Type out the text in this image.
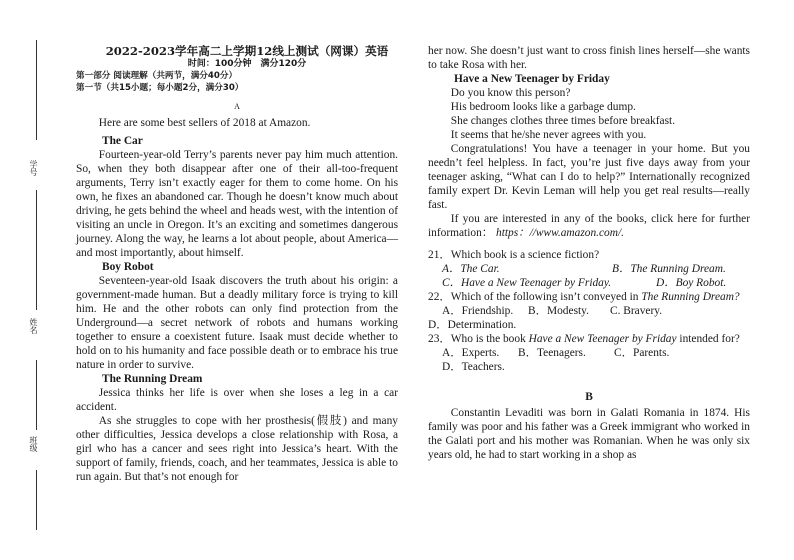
学号
姓名
班级
2022-2023学年高二上学期12线上测试（网课）英语
时间：100分钟　满分120分
第一部分 阅读理解（共两节，满分40分）
第一节（共15小题；每小题2分，满分30）
A

Here are some best sellers of 2018 at Amazon.

The Car

Fourteen-year-old Terry’s parents never pay him much attention. So, when they both disappear after one of their all-too-frequent arguments, Terry isn’t exactly eager for them to come home. On his own, he fixes an abandoned car. Though he doesn’t know much about driving, he gets behind the wheel and heads west, with the intention of visiting an uncle in Oregon. It’s an exciting and sometimes dangerous journey. Along the way, he learns a lot about people, about America—and most importantly, about himself.

Boy Robot

Seventeen-year-old Isaak discovers the truth about his origin: a government-made human. But a deadly military force is trying to kill him. He and the other robots can only find protection from the Underground—a secret network of robots and humans working together to ensure a coexistent future. Isaak must decide whether to hold on to his humanity and face possible death or to embrace his true nature in order to survive.

The Running Dream

Jessica thinks her life is over when she loses a leg in a car accident.

As she struggles to cope with her prosthesis(假肢) and many other difficulties, Jessica develops a close relationship with Rosa, a girl who has a cancer and sees right into Jessica’s heart. With the support of family, friends, coach, and her teammates, Jessica is able to run again. But that’s not enough for

her now. She doesn’t just want to cross finish lines herself—she wants to take Rosa with her.

Have a New Teenager by Friday

Do you know this person?

His bedroom looks like a garbage dump.

She changes clothes three times before breakfast.

It seems that he/she never agrees with you.

Congratulations! You have a teenager in your home. But you needn’t feel helpless. In fact, you’re just five days away from your teenager asking, “What can I do to help?” Internationally recognized family expert Dr. Kevin Leman will help you get real results—really fast.

If you are interested in any of the books, click here for further information： https：//www.amazon.com/.

21．Which book is a science fiction?

A．The Car.	B．The Running Dream.
C．Have a New Teenager by Friday.	D．Boy Robot.

22．Which of the following isn’t conveyed in The Running Dream?

A．Friendship. B．Modesty. C. Bravery.

D．Determination.

23．Who is the book Have a New Teenager by Friday intended for?

A．Experts. B．Teenagers. C．Parents.
D．Teachers.
B

Constantin Levaditi was born in Galati Romania in 1874. His family was poor and his father was a Greek immigrant who worked in the Galati port and his mother was Romanian. When he was only six years old, he had to start working in a shop as
